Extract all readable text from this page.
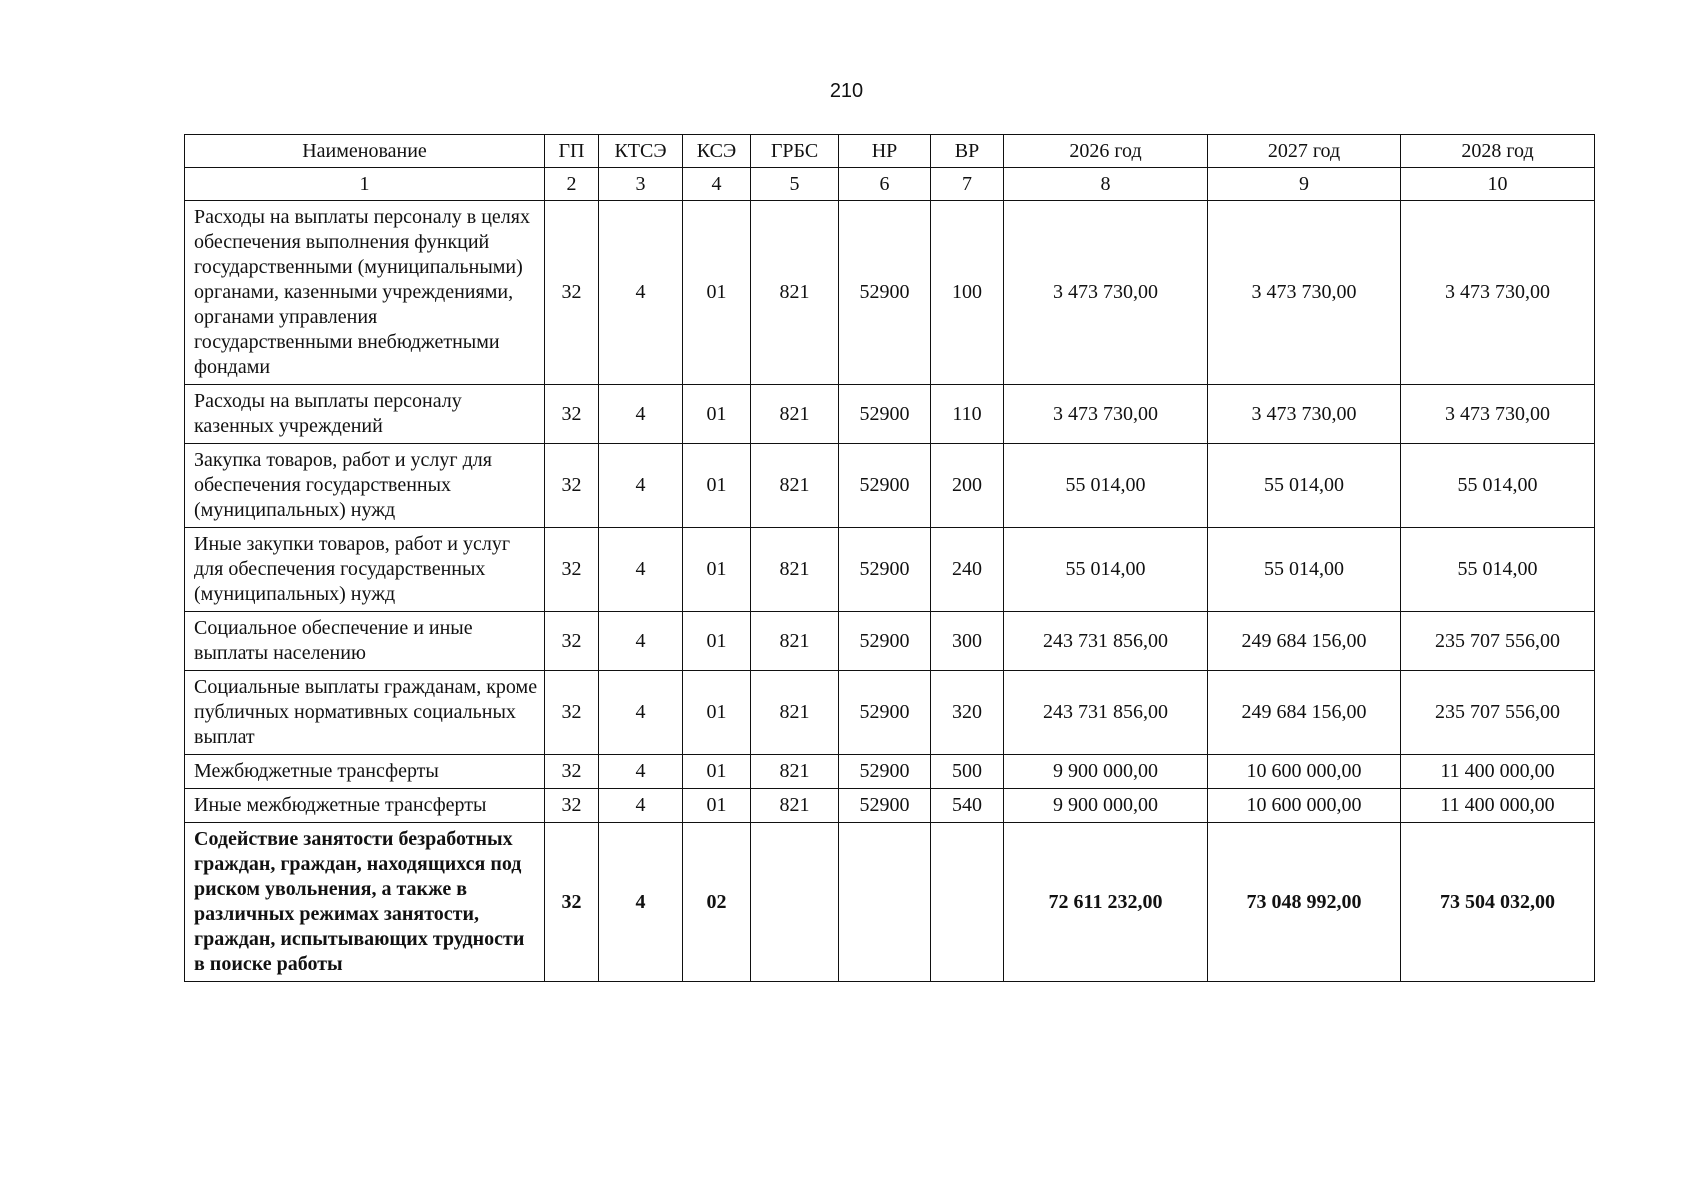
210
Наименование	ГП	КТСЭ	КСЭ	ГРБС	НР	ВР	2026 год	2027 год	2028 год
1	2	3	4	5	6	7	8	9	10
Расходы на выплаты персоналу в целях обеспечения выполнения функций государственными (муниципальными) органами, казенными учреждениями, органами управления государственными внебюджетными фондами	32	4	01	821	52900	100	3 473 730,00	3 473 730,00	3 473 730,00
Расходы на выплаты персоналу казенных учреждений	32	4	01	821	52900	110	3 473 730,00	3 473 730,00	3 473 730,00
Закупка товаров, работ и услуг для обеспечения государственных (муниципальных) нужд	32	4	01	821	52900	200	55 014,00	55 014,00	55 014,00
Иные закупки товаров, работ и услуг для обеспечения государственных (муниципальных) нужд	32	4	01	821	52900	240	55 014,00	55 014,00	55 014,00
Социальное обеспечение и иные выплаты населению	32	4	01	821	52900	300	243 731 856,00	249 684 156,00	235 707 556,00
Социальные выплаты гражданам, кроме публичных нормативных социальных выплат	32	4	01	821	52900	320	243 731 856,00	249 684 156,00	235 707 556,00
Межбюджетные трансферты	32	4	01	821	52900	500	9 900 000,00	10 600 000,00	11 400 000,00
Иные межбюджетные трансферты	32	4	01	821	52900	540	9 900 000,00	10 600 000,00	11 400 000,00
Содействие занятости безработных граждан, граждан, находящихся под риском увольнения, а также в различных режимах занятости, граждан, испытывающих трудности в поиске работы	32	4	02				72 611 232,00	73 048 992,00	73 504 032,00
